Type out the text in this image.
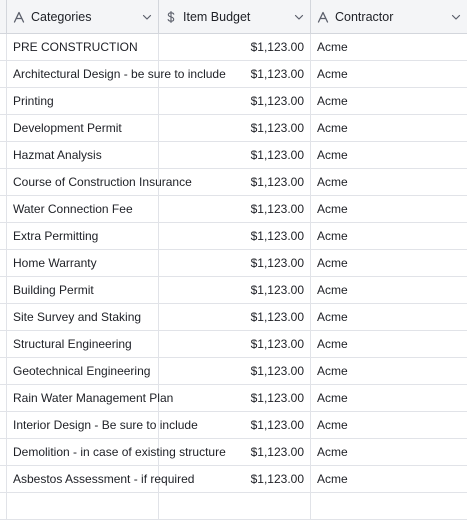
Categories	Item Budget	Contractor
PRE CONSTRUCTION	$1,123.00 Acme
Architectural Design - be sure to include $1,123.00 Acme
Printing	$1,123.00 Acme
Development Permit	$1,123.00 Acme
Hazmat Analysis	$1,123.00 Acme
Course of Construction Insurance	$1,123.00 Acme
Water Connection Fee	$1,123.00 Acme
Extra Permitting	$1,123.00 Acme
Home Warranty	$1,123.00 Acme
Building Permit	$1,123.00 Acme
Site Survey and Staking	$1,123.00 Acme
Structural Engineering	$1,123.00 Acme
Geotechnical Engineering	$1,123.00 Acme
Rain Water Management Plan	$1,123.00 Acme
Interior Design - Be sure to include	$1,123.00 Acme
Demolition - in case of existing structure $1,123.00 Acme
Asbestos Assessment - if required	$1,123.00 Acme
